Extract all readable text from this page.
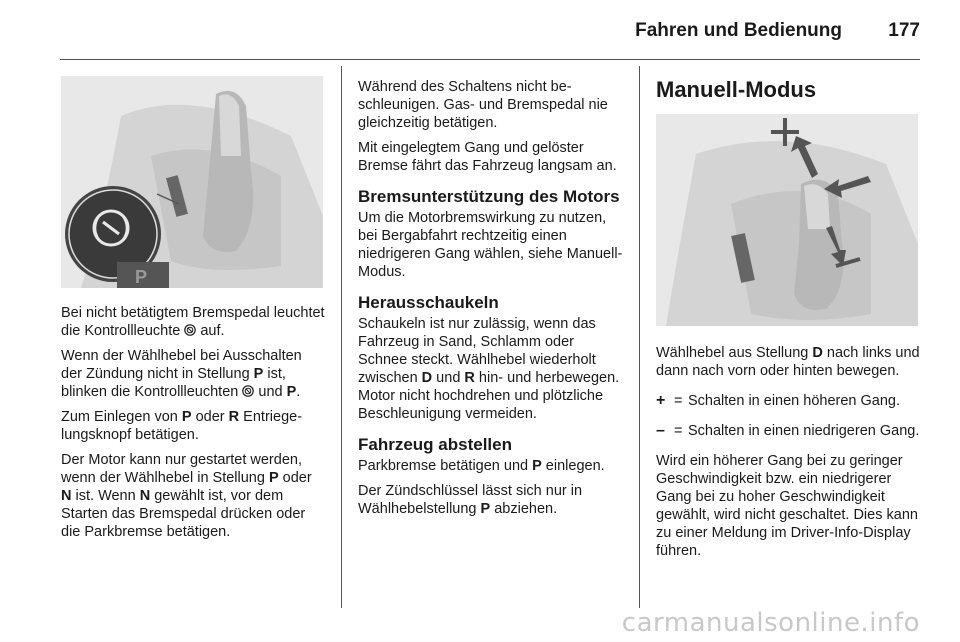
Fahren und Bedienung 177
P

Bei nicht betätigtem Bremspedal leuchtet die Kontrollleuchte  auf.

Wenn der Wählhebel bei Ausschalten der Zündung nicht in Stellung P ist, blinken die Kontrollleuchten  und P.

Zum Einlegen von P oder R Entriegelungsknopf betätigen.

Der Motor kann nur gestartet werden, wenn der Wählhebel in Stellung P oder N ist. Wenn N gewählt ist, vor dem Starten das Bremspedal drücken oder die Parkbremse betätigen.

Während des Schaltens nicht beschleunigen. Gas- und Bremspedal nie gleichzeitig betätigen.

Mit eingelegtem Gang und gelöster Bremse fährt das Fahrzeug langsam an.

Bremsunterstützung des Motors

Um die Motorbremswirkung zu nutzen, bei Bergabfahrt rechtzeitig einen niedrigeren Gang wählen, siehe Manuell-Modus.

Herausschaukeln

Schaukeln ist nur zulässig, wenn das Fahrzeug in Sand, Schlamm oder Schnee steckt. Wählhebel wiederholt zwischen D und R hin- und herbewegen. Motor nicht hochdrehen und plötzliche Beschleunigung vermeiden.

Fahrzeug abstellen

Parkbremse betätigen und P einlegen.

Der Zündschlüssel lässt sich nur in Wählhebelstellung P abziehen.

Manuell-Modus

Wählhebel aus Stellung D nach links und dann nach vorn oder hinten bewegen.

+ = Schalten in einen höheren Gang.
– = Schalten in einen niedrigeren Gang.

Wird ein höherer Gang bei zu geringer Geschwindigkeit bzw. ein niedrigerer Gang bei zu hoher Geschwindigkeit gewählt, wird nicht geschaltet. Dies kann zu einer Meldung im Driver-Info-Display führen.

carmanualsonline.info
